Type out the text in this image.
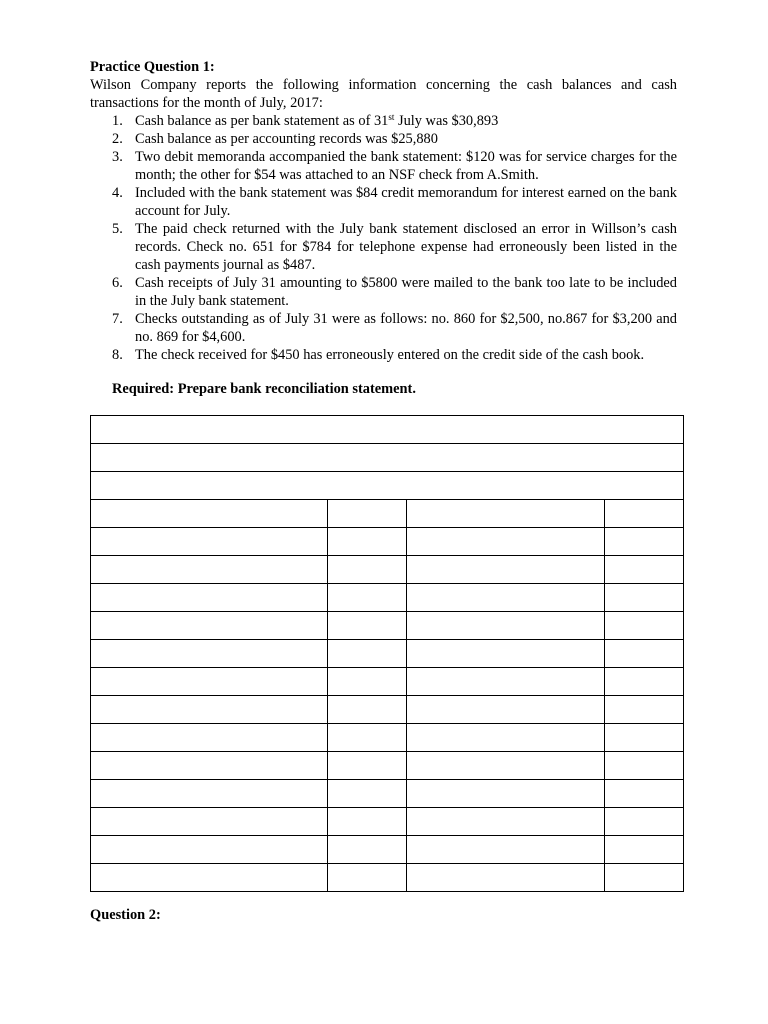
Practice Question 1:

Wilson Company reports the following information concerning the cash balances and cash transactions for the month of July, 2017:

1. Cash balance as per bank statement as of 31st July was $30,893
2. Cash balance as per accounting records was $25,880
3. Two debit memoranda accompanied the bank statement: $120 was for service charges for the month; the other for $54 was attached to an NSF check from A.Smith.
4. Included with the bank statement was $84 credit memorandum for interest earned on the bank account for July.
5. The paid check returned with the July bank statement disclosed an error in Willson’s cash records. Check no. 651 for $784 for telephone expense had erroneously been listed in the cash payments journal as $487.
6. Cash receipts of July 31 amounting to $5800 were mailed to the bank too late to be included in the July bank statement.
7. Checks outstanding as of July 31 were as follows: no. 860 for $2,500, no.867 for $3,200 and no. 869 for $4,600.
8. The check received for $450 has erroneously entered on the credit side of the cash book.

Required: Prepare bank reconciliation statement.

Question 2:
